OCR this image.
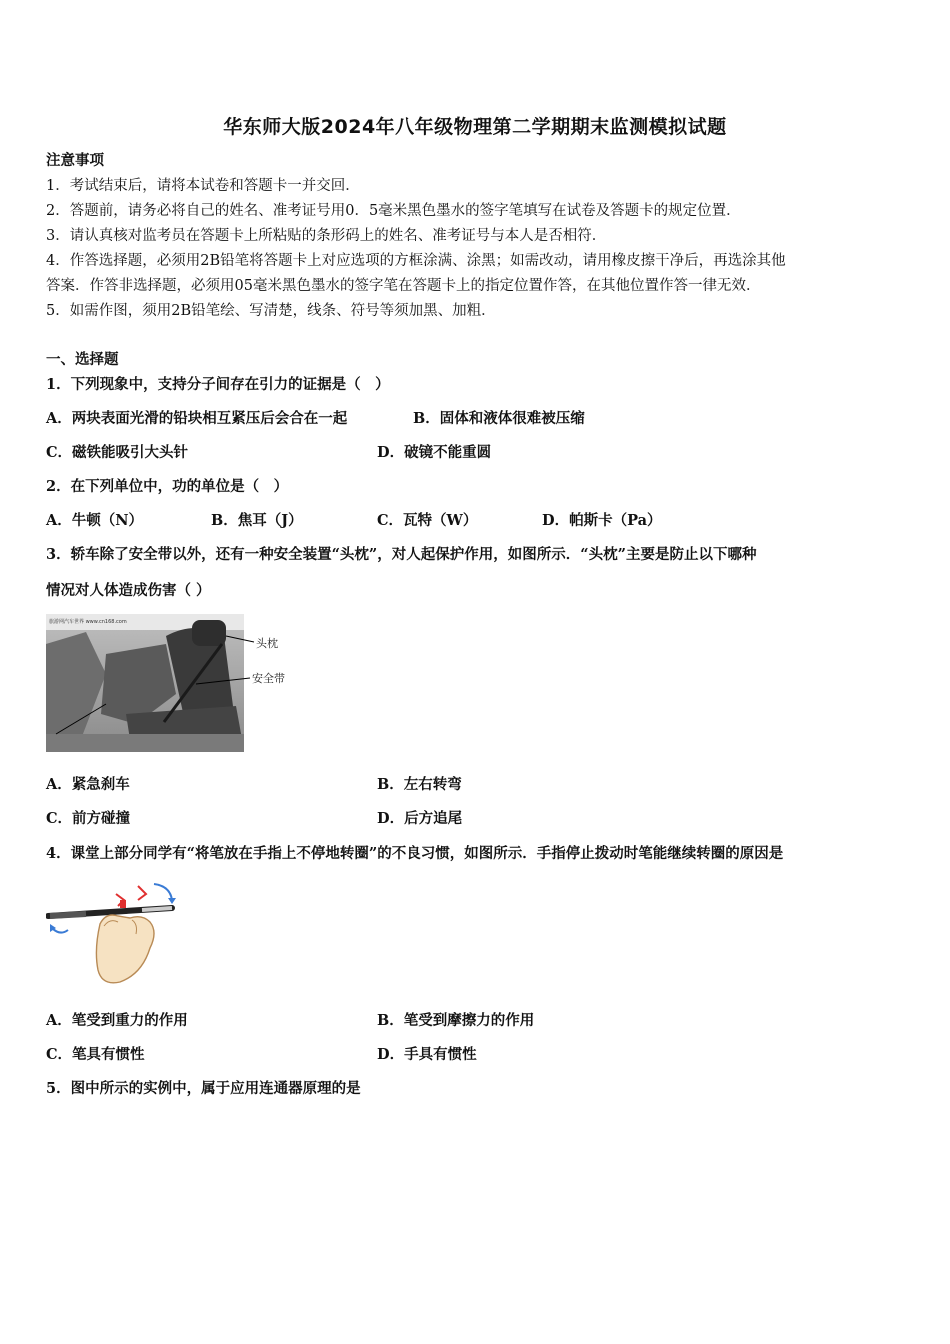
华东师大版2024年八年级物理第二学期期末监测模拟试题
注意事项
1．考试结束后，请将本试卷和答题卡一并交回．
2．答题前，请务必将自己的姓名、准考证号用0．5毫米黑色墨水的签字笔填写在试卷及答题卡的规定位置．
3．请认真核对监考员在答题卡上所粘贴的条形码上的姓名、准考证号与本人是否相符．
4．作答选择题，必须用2B铅笔将答题卡上对应选项的方框涂满、涂黑；如需改动，请用橡皮擦干净后，再选涂其他
答案．作答非选择题，必须用05毫米黑色墨水的签字笔在答题卡上的指定位置作答，在其他位置作答一律无效．
5．如需作图，须用2B铅笔绘、写清楚，线条、符号等须加黑、加粗．
一、选择题
1．下列现象中，支持分子间存在引力的证据是（　）
A．两块表面光滑的铅块相互紧压后会合在一起	B．固体和液体很难被压缩
C．磁铁能吸引大头针	D．破镜不能重圆
2．在下列单位中，功的单位是（　）
A．牛顿（N）	B．焦耳（J）	C．瓦特（W）	D．帕斯卡（Pa）
3．轿车除了安全带以外，还有一种安全装置“头枕”，对人起保护作用，如图所示．“头枕”主要是防止以下哪种
情况对人体造成伤害（ ）
旅游网汽车世界 www.cn168.com
头枕
安全带
A．紧急刹车	B．左右转弯
C．前方碰撞	D．后方追尾
4．课堂上部分同学有“将笔放在手指上不停地转圈”的不良习惯，如图所示．手指停止拨动时笔能继续转圈的原因是
A．笔受到重力的作用	B．笔受到摩擦力的作用
C．笔具有惯性	D．手具有惯性
5．图中所示的实例中，属于应用连通器原理的是
